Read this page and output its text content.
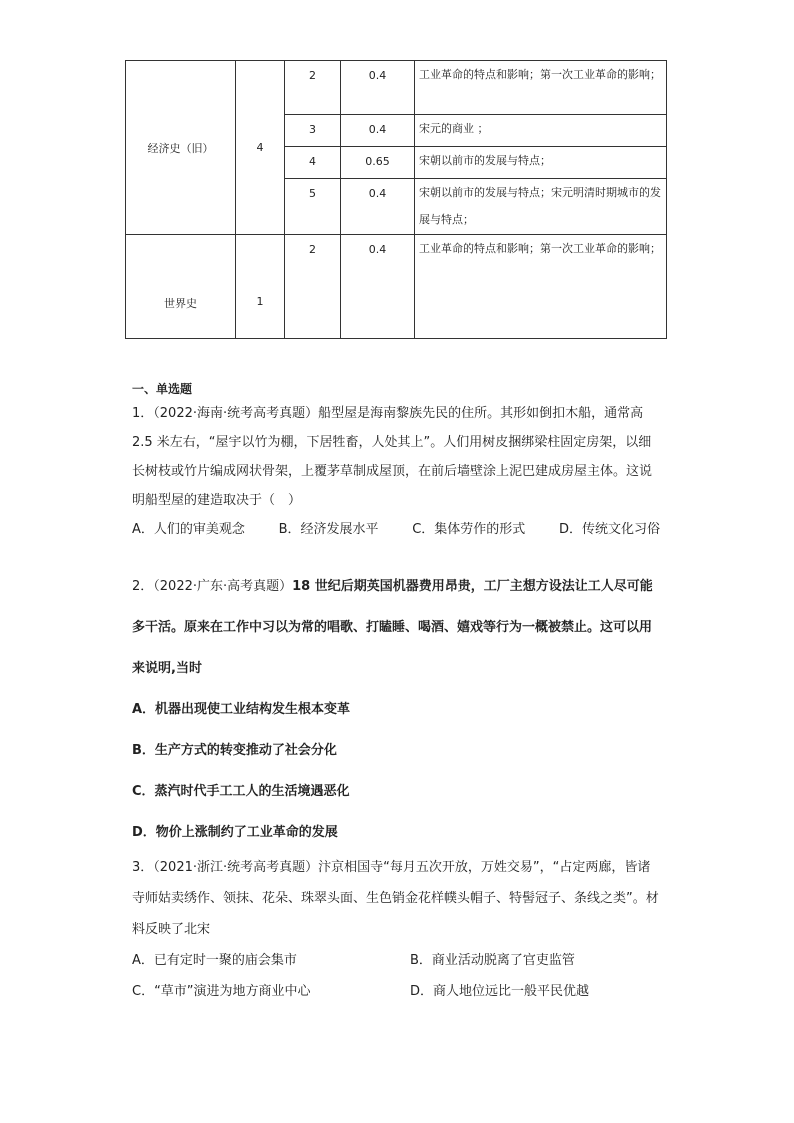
经济史（旧）	4	2	0.4	工业革命的特点和影响；第一次工业革命的影响；

		3	0.4	宋元的商业 ；

		4	0.65	宋朝以前市的发展与特点；

		5	0.4	宋朝以前市的发展与特点；宋元明清时期城市的发展与特点；

世界史	1	2	0.4	工业革命的特点和影响；第一次工业革命的影响；
一、单选题

1．（2022·海南·统考高考真题）船型屋是海南黎族先民的住所。其形如倒扣木船，通常高 2.5 米左右，“屋宇以竹为棚，下居牲畜，人处其上”。人们用树皮捆绑梁柱固定房架，以细长树枝或竹片编成网状骨架，上覆茅草制成屋顶，在前后墙壁涂上泥巴建成房屋主体。这说明船型屋的建造取决于（　）

A．人们的审美观念	B．经济发展水平	C．集体劳作的形式	D．传统文化习俗

2．（2022·广东·高考真题）18 世纪后期英国机器费用昂贵，工厂主想方设法让工人尽可能多干活。原来在工作中习以为常的唱歌、打瞌睡、喝酒、嬉戏等行为一概被禁止。这可以用来说明,当时

A．机器出现使工业结构发生根本变革

B．生产方式的转变推动了社会分化

C．蒸汽时代手工工人的生活境遇恶化

D．物价上涨制约了工业革命的发展

3．（2021·浙江·统考高考真题）汴京相国寺“每月五次开放，万姓交易”，“占定两廊，皆诸寺师姑卖绣作、领抹、花朵、珠翠头面、生色销金花样幞头帽子、特髻冠子、条线之类”。材料反映了北宋

A．已有定时一聚的庙会集市	B．商业活动脱离了官吏监管
C．“草市”演进为地方商业中心	D．商人地位远比一般平民优越
